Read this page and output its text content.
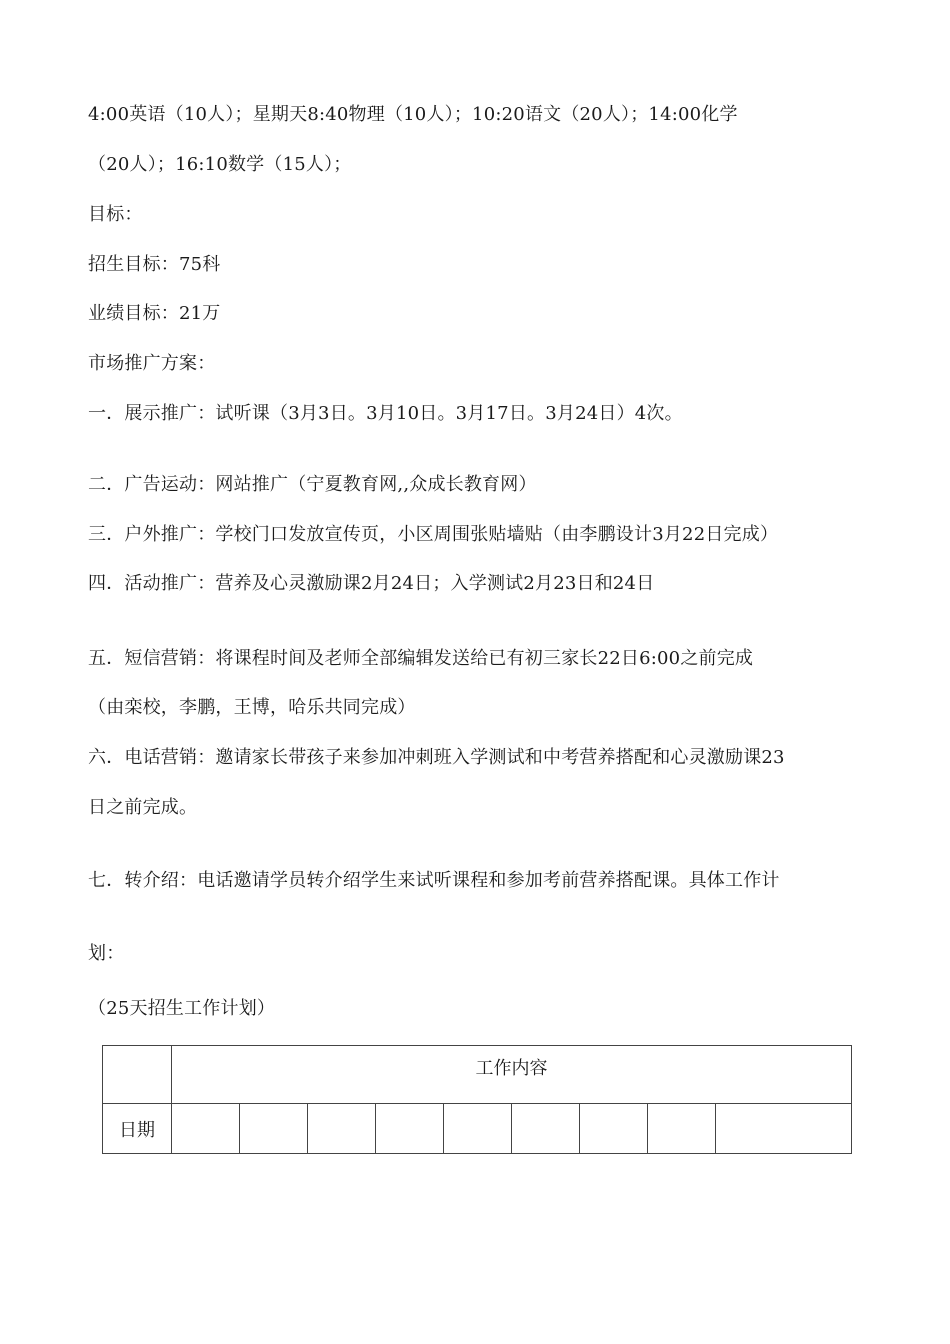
4:00英语（10人）；星期天8:40物理（10人）；10:20语文（20人）；14:00化学
（20人）；16:10数学（15人）；
目标：
招生目标：75科
业绩目标：21万
市场推广方案：
一．展示推广：试听课（3月3日。3月10日。3月17日。3月24日）4次。
二．广告运动：网站推广（宁夏教育网,,众成长教育网）
三．户外推广：学校门口发放宣传页，小区周围张贴墙贴（由李鹏设计3月22日完成）
四．活动推广：营养及心灵激励课2月24日；入学测试2月23日和24日
五．短信营销：将课程时间及老师全部编辑发送给已有初三家长22日6:00之前完成
（由栾校，李鹏，王博，哈乐共同完成）
六．电话营销：邀请家长带孩子来参加冲刺班入学测试和中考营养搭配和心灵激励课23
日之前完成。
七．转介绍：电话邀请学员转介绍学生来试听课程和参加考前营养搭配课。具体工作计
划：
（25天招生工作计划）
	工作内容								
日期									
